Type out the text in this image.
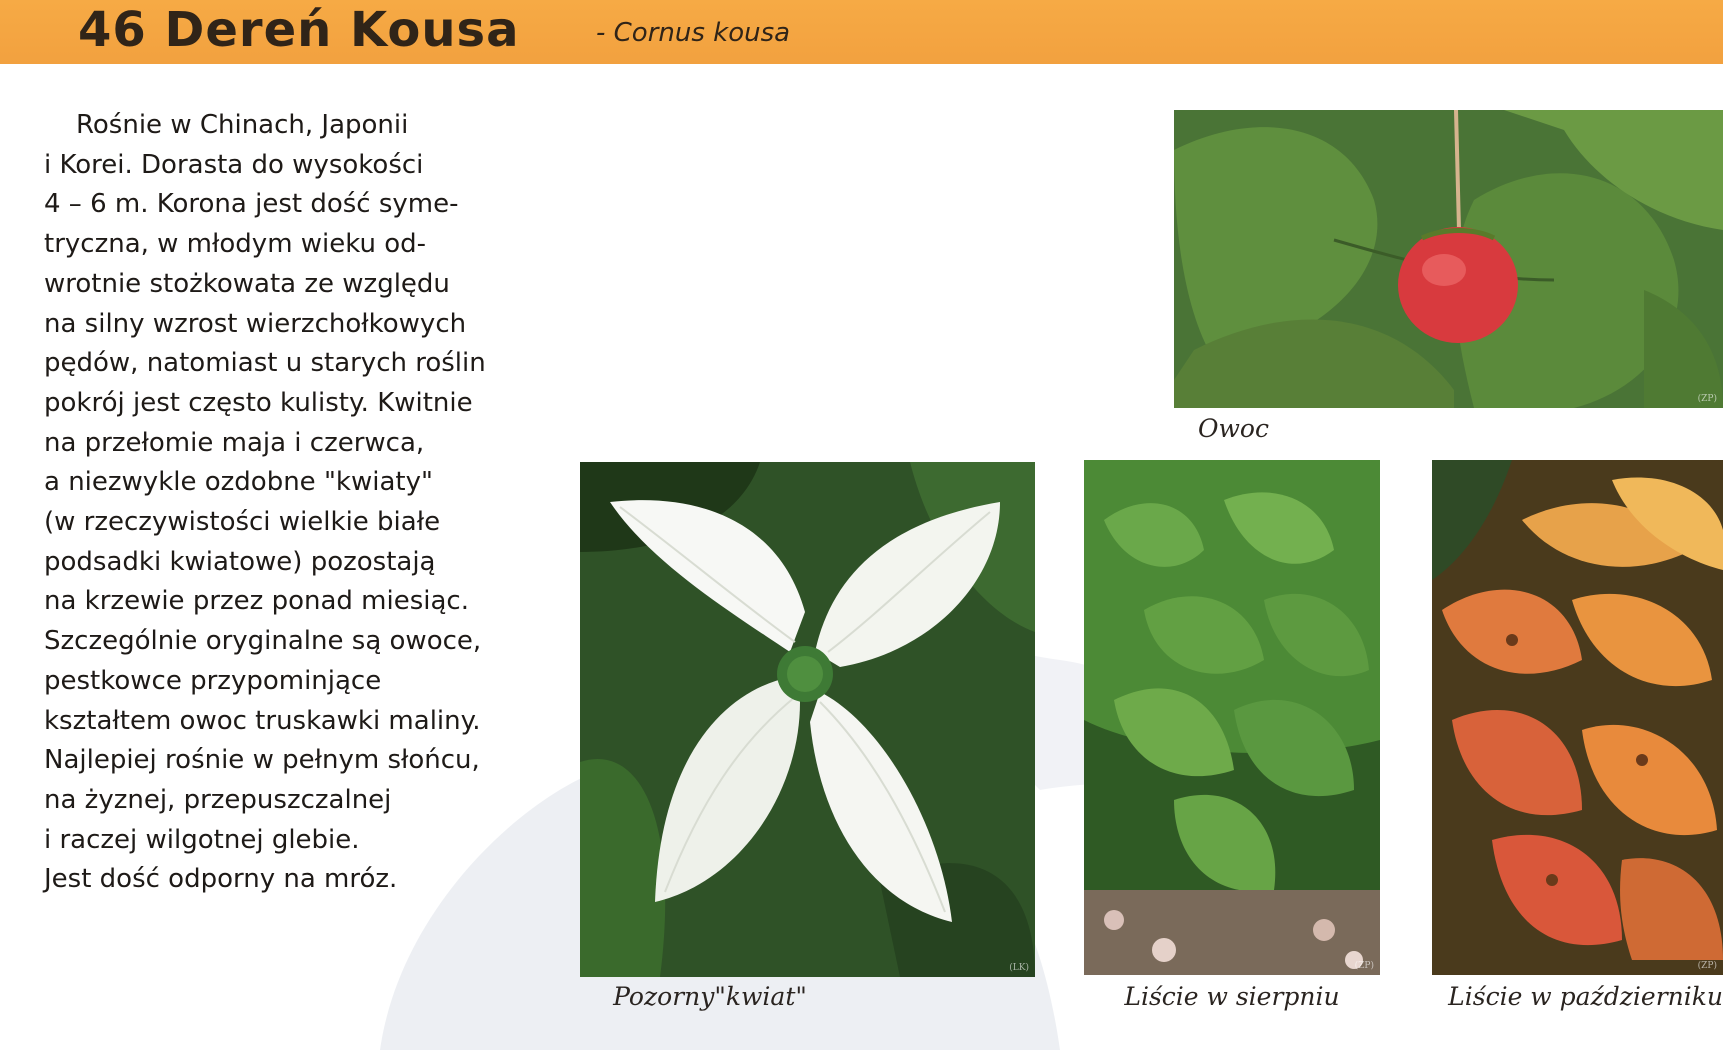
46 Dereń Kousa	- Cornus kousa
Rośnie w Chinach, Japonii
i Korei. Dorasta do wysokości
4 – 6 m. Korona jest dość syme-
tryczna, w młodym wieku od-
wrotnie stożkowata ze względu
na silny wzrost wierzchołkowych
pędów, natomiast u starych roślin
pokrój jest często kulisty. Kwitnie
na przełomie maja i czerwca,
a niezwykle ozdobne "kwiaty"
(w rzeczywistości wielkie białe
podsadki kwiatowe) pozostają
na krzewie przez ponad miesiąc.
Szczególnie oryginalne są owoce,
pestkowce przypominjące
kształtem owoc truskawki maliny.
Najlepiej rośnie w pełnym słońcu,
na żyznej, przepuszczalnej
i raczej wilgotnej glebie.
Jest dość odporny na mróz.
(ZP)
Owoc
(LK)
Pozorny"kwiat"
(ZP)
Liście w sierpniu
(ZP)
Liście w październiku
